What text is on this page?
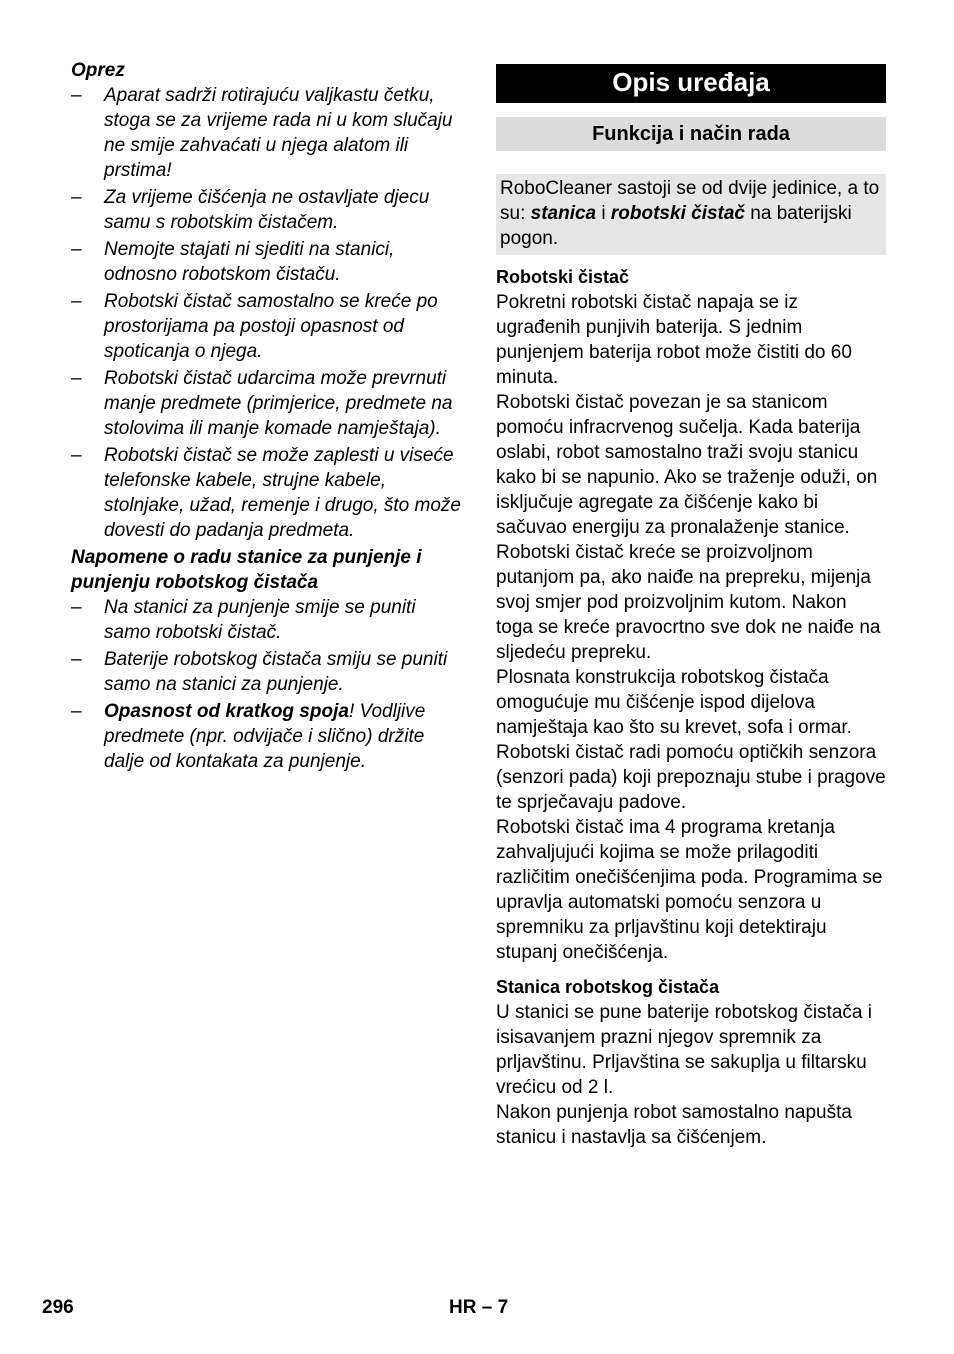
Oprez
– Aparat sadrži rotirajuću valjkastu četku, stoga se za vrijeme rada ni u kom slučaju ne smije zahvaćati u njega alatom ili prstima!
– Za vrijeme čišćenja ne ostavljate djecu samu s robotskim čistačem.
– Nemojte stajati ni sjediti na stanici, odnosno robotskom čistaču.
– Robotski čistač samostalno se kreće po prostorijama pa postoji opasnost od spoticanja o njega.
– Robotski čistač udarcima može prevrnuti manje predmete (primjerice, predmete na stolovima ili manje komade namještaja).
– Robotski čistač se može zaplesti u viseće telefonske kabele, strujne kabele, stolnjake, užad, remenje i drugo, što može dovesti do padanja predmeta.
Napomene o radu stanice za punjenje i punjenju robotskog čistača
– Na stanici za punjenje smije se puniti samo robotski čistač.
– Baterije robotskog čistača smiju se puniti samo na stanici za punjenje.
– Opasnost od kratkog spoja! Vodljive predmete (npr. odvijače i slično) držite dalje od kontakata za punjenje.
Opis uređaja
Funkcija i način rada
RoboCleaner sastoji se od dvije jedinice, a to su: stanica i robotski čistač na baterijski pogon.
Robotski čistač

Pokretni robotski čistač napaja se iz ugrađenih punjivih baterija. S jednim punjenjem baterija robot može čistiti do 60 minuta.

Robotski čistač povezan je sa stanicom pomoću infracrvenog sučelja. Kada baterija oslabi, robot samostalno traži svoju stanicu kako bi se napunio. Ako se traženje oduži, on isključuje agregate za čišćenje kako bi sačuvao energiju za pronalaženje stanice.

Robotski čistač kreće se proizvoljnom putanjom pa, ako naiđe na prepreku, mijenja svoj smjer pod proizvoljnim kutom. Nakon toga se kreće pravocrtno sve dok ne naiđe na sljedeću prepreku.

Plosnata konstrukcija robotskog čistača omogućuje mu čišćenje ispod dijelova namještaja kao što su krevet, sofa i ormar.

Robotski čistač radi pomoću optičkih senzora (senzori pada) koji prepoznaju stube i pragove te sprječavaju padove.

Robotski čistač ima 4 programa kretanja zahvaljujući kojima se može prilagoditi različitim onečišćenjima poda. Programima se upravlja automatski pomoću senzora u spremniku za prljavštinu koji detektiraju stupanj onečišćenja.

Stanica robotskog čistača

U stanici se pune baterije robotskog čistača i isisavanjem prazni njegov spremnik za prljavštinu. Prljavština se sakuplja u filtarsku vrećicu od 2 l.

Nakon punjenja robot samostalno napušta stanicu i nastavlja sa čišćenjem.

296	HR – 7
